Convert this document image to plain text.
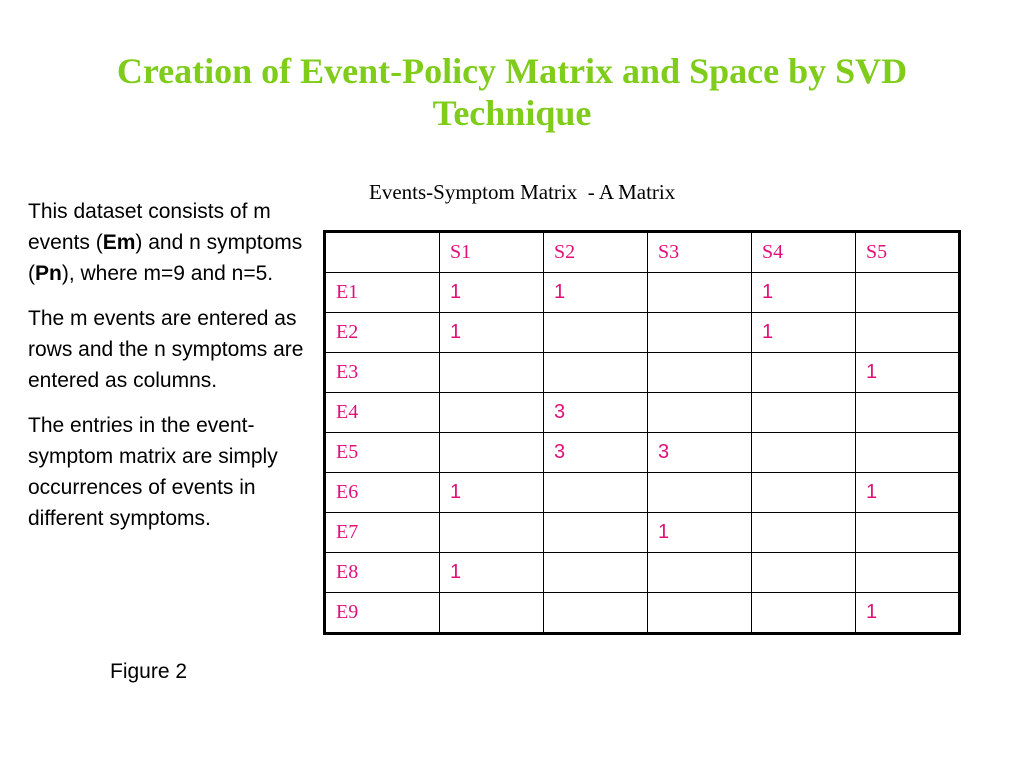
Creation of Event-Policy Matrix and Space by SVD
Technique

This dataset consists of m events (Em) and n symptoms (Pn), where m=9 and n=5.

The m events are entered as rows and the n symptoms are entered as columns.

The entries in the event-symptom matrix are simply occurrences of events in different symptoms.

Figure 2
Events-Symptom Matrix  - A Matrix
	S1	S2	S3	S4	S5
E1	1	1		1	
E2	1			1	
E3					1
E4		3			
E5		3	3		
E6	1				1
E7			1		
E8	1				
E9					1
